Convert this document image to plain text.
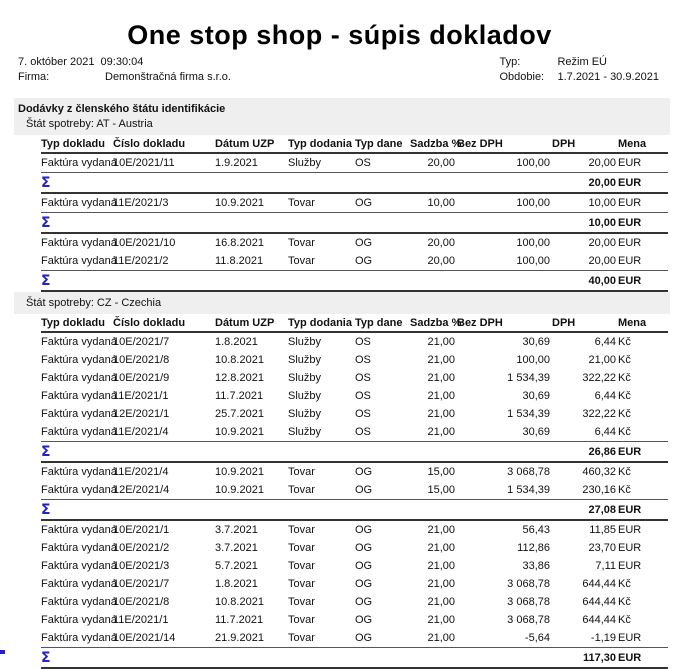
One stop shop - súpis dokladov
7. október 2021  09:30:04
Firma:	Demonštračná firma s.r.o.
Typ:	Režim EÚ
Obdobie:	1.7.2021 - 30.9.2021
Dodávky z členského štátu identifikácie
Štát spotreby: AT - Austria
Typ dokladu	Číslo dokladu	Dátum UZP	Typ dodania	Typ dane	Sadzba %	Bez DPH	DPH	Mena
Faktúra vydaná	10E/2021/11	1.9.2021	Služby	OS	20,00	100,00	20,00	EUR
Σ							20,00	EUR
Faktúra vydaná	11E/2021/3	10.9.2021	Tovar	OG	10,00	100,00	10,00	EUR
Σ							10,00	EUR
Faktúra vydaná	10E/2021/10	16.8.2021	Tovar	OG	20,00	100,00	20,00	EUR
Faktúra vydaná	11E/2021/2	11.8.2021	Tovar	OG	20,00	100,00	20,00	EUR
Σ							40,00	EUR
Štát spotreby: CZ - Czechia
Typ dokladu	Číslo dokladu	Dátum UZP	Typ dodania	Typ dane	Sadzba %	Bez DPH	DPH	Mena
Faktúra vydaná	10E/2021/7	1.8.2021	Služby	OS	21,00	30,69	6,44	Kč
Faktúra vydaná	10E/2021/8	10.8.2021	Služby	OS	21,00	100,00	21,00	Kč
Faktúra vydaná	10E/2021/9	12.8.2021	Služby	OS	21,00	1 534,39	322,22	Kč
Faktúra vydaná	11E/2021/1	11.7.2021	Služby	OS	21,00	30,69	6,44	Kč
Faktúra vydaná	12E/2021/1	25.7.2021	Služby	OS	21,00	1 534,39	322,22	Kč
Faktúra vydaná	11E/2021/4	10.9.2021	Služby	OS	21,00	30,69	6,44	Kč
Σ							26,86	EUR
Faktúra vydaná	11E/2021/4	10.9.2021	Tovar	OG	15,00	3 068,78	460,32	Kč
Faktúra vydaná	12E/2021/4	10.9.2021	Tovar	OG	15,00	1 534,39	230,16	Kč
Σ							27,08	EUR
Faktúra vydaná	10E/2021/1	3.7.2021	Tovar	OG	21,00	56,43	11,85	EUR
Faktúra vydaná	10E/2021/2	3.7.2021	Tovar	OG	21,00	112,86	23,70	EUR
Faktúra vydaná	10E/2021/3	5.7.2021	Tovar	OG	21,00	33,86	7,11	EUR
Faktúra vydaná	10E/2021/7	1.8.2021	Tovar	OG	21,00	3 068,78	644,44	Kč
Faktúra vydaná	10E/2021/8	10.8.2021	Tovar	OG	21,00	3 068,78	644,44	Kč
Faktúra vydaná	11E/2021/1	11.7.2021	Tovar	OG	21,00	3 068,78	644,44	Kč
Faktúra vydaná	10E/2021/14	21.9.2021	Tovar	OG	21,00	-5,64	-1,19	EUR
Σ							117,30	EUR
